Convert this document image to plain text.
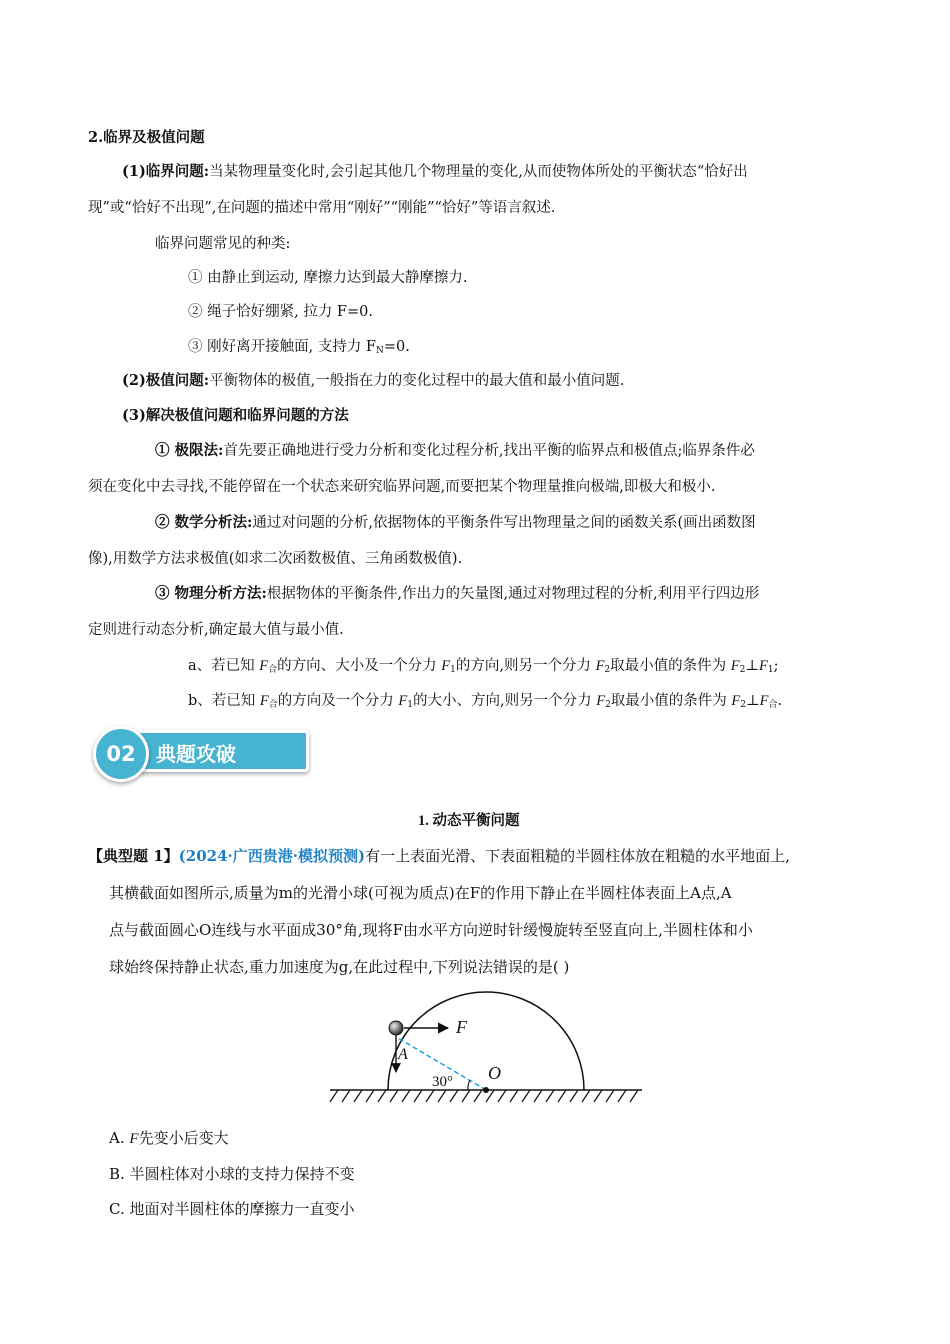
2.临界及极值问题
(1)临界问题:当某物理量变化时,会引起其他几个物理量的变化,从而使物体所处的平衡状态“恰好出
现”或“恰好不出现”,在问题的描述中常用“刚好”“刚能”“恰好”等语言叙述.
临界问题常见的种类:
① 由静止到运动, 摩擦力达到最大静摩擦力.
② 绳子恰好绷紧, 拉力 F=0.
③ 刚好离开接触面, 支持力 $F_N=0$.
(2)极值问题:平衡物体的极值,一般指在力的变化过程中的最大值和最小值问题.
(3)解决极值问题和临界问题的方法
① 极限法:首先要正确地进行受力分析和变化过程分析,找出平衡的临界点和极值点;临界条件必
须在变化中去寻找,不能停留在一个状态来研究临界问题,而要把某个物理量推向极端,即极大和极小.
② 数学分析法:通过对问题的分析,依据物体的平衡条件写出物理量之间的函数关系(画出函数图
像),用数学方法求极值(如求二次函数极值、三角函数极值).
③ 物理分析方法:根据物体的平衡条件,作出力的矢量图,通过对物理过程的分析,利用平行四边形
定则进行动态分析,确定最大值与最小值.
a、若已知 $F_合$的方向、大小及一个分力 $F_1$的方向,则另一个分力 $F_2$取最小值的条件为 $F_2\perp F_1$;
b、若已知 $F_合$的方向及一个分力 $F_1$的大小、方向,则另一个分力 $F_2$取最小值的条件为 $F_2\perp F_合$.
02	典题攻破
1. 动态平衡问题
【典型题 1】(2024·广西贵港·模拟预测)有一上表面光滑、下表面粗糙的半圆柱体放在粗糙的水平地面上,
其横截面如图所示,质量为m的光滑小球(可视为质点)在F的作用下静止在半圆柱体表面上A点,A
点与截面圆心O连线与水平面成30°角,现将F由水平方向逆时针缓慢旋转至竖直向上,半圆柱体和小
球始终保持静止状态,重力加速度为g,在此过程中,下列说法错误的是( )
F
A
O
30°
A. F先变小后变大
B. 半圆柱体对小球的支持力保持不变
C. 地面对半圆柱体的摩擦力一直变小
